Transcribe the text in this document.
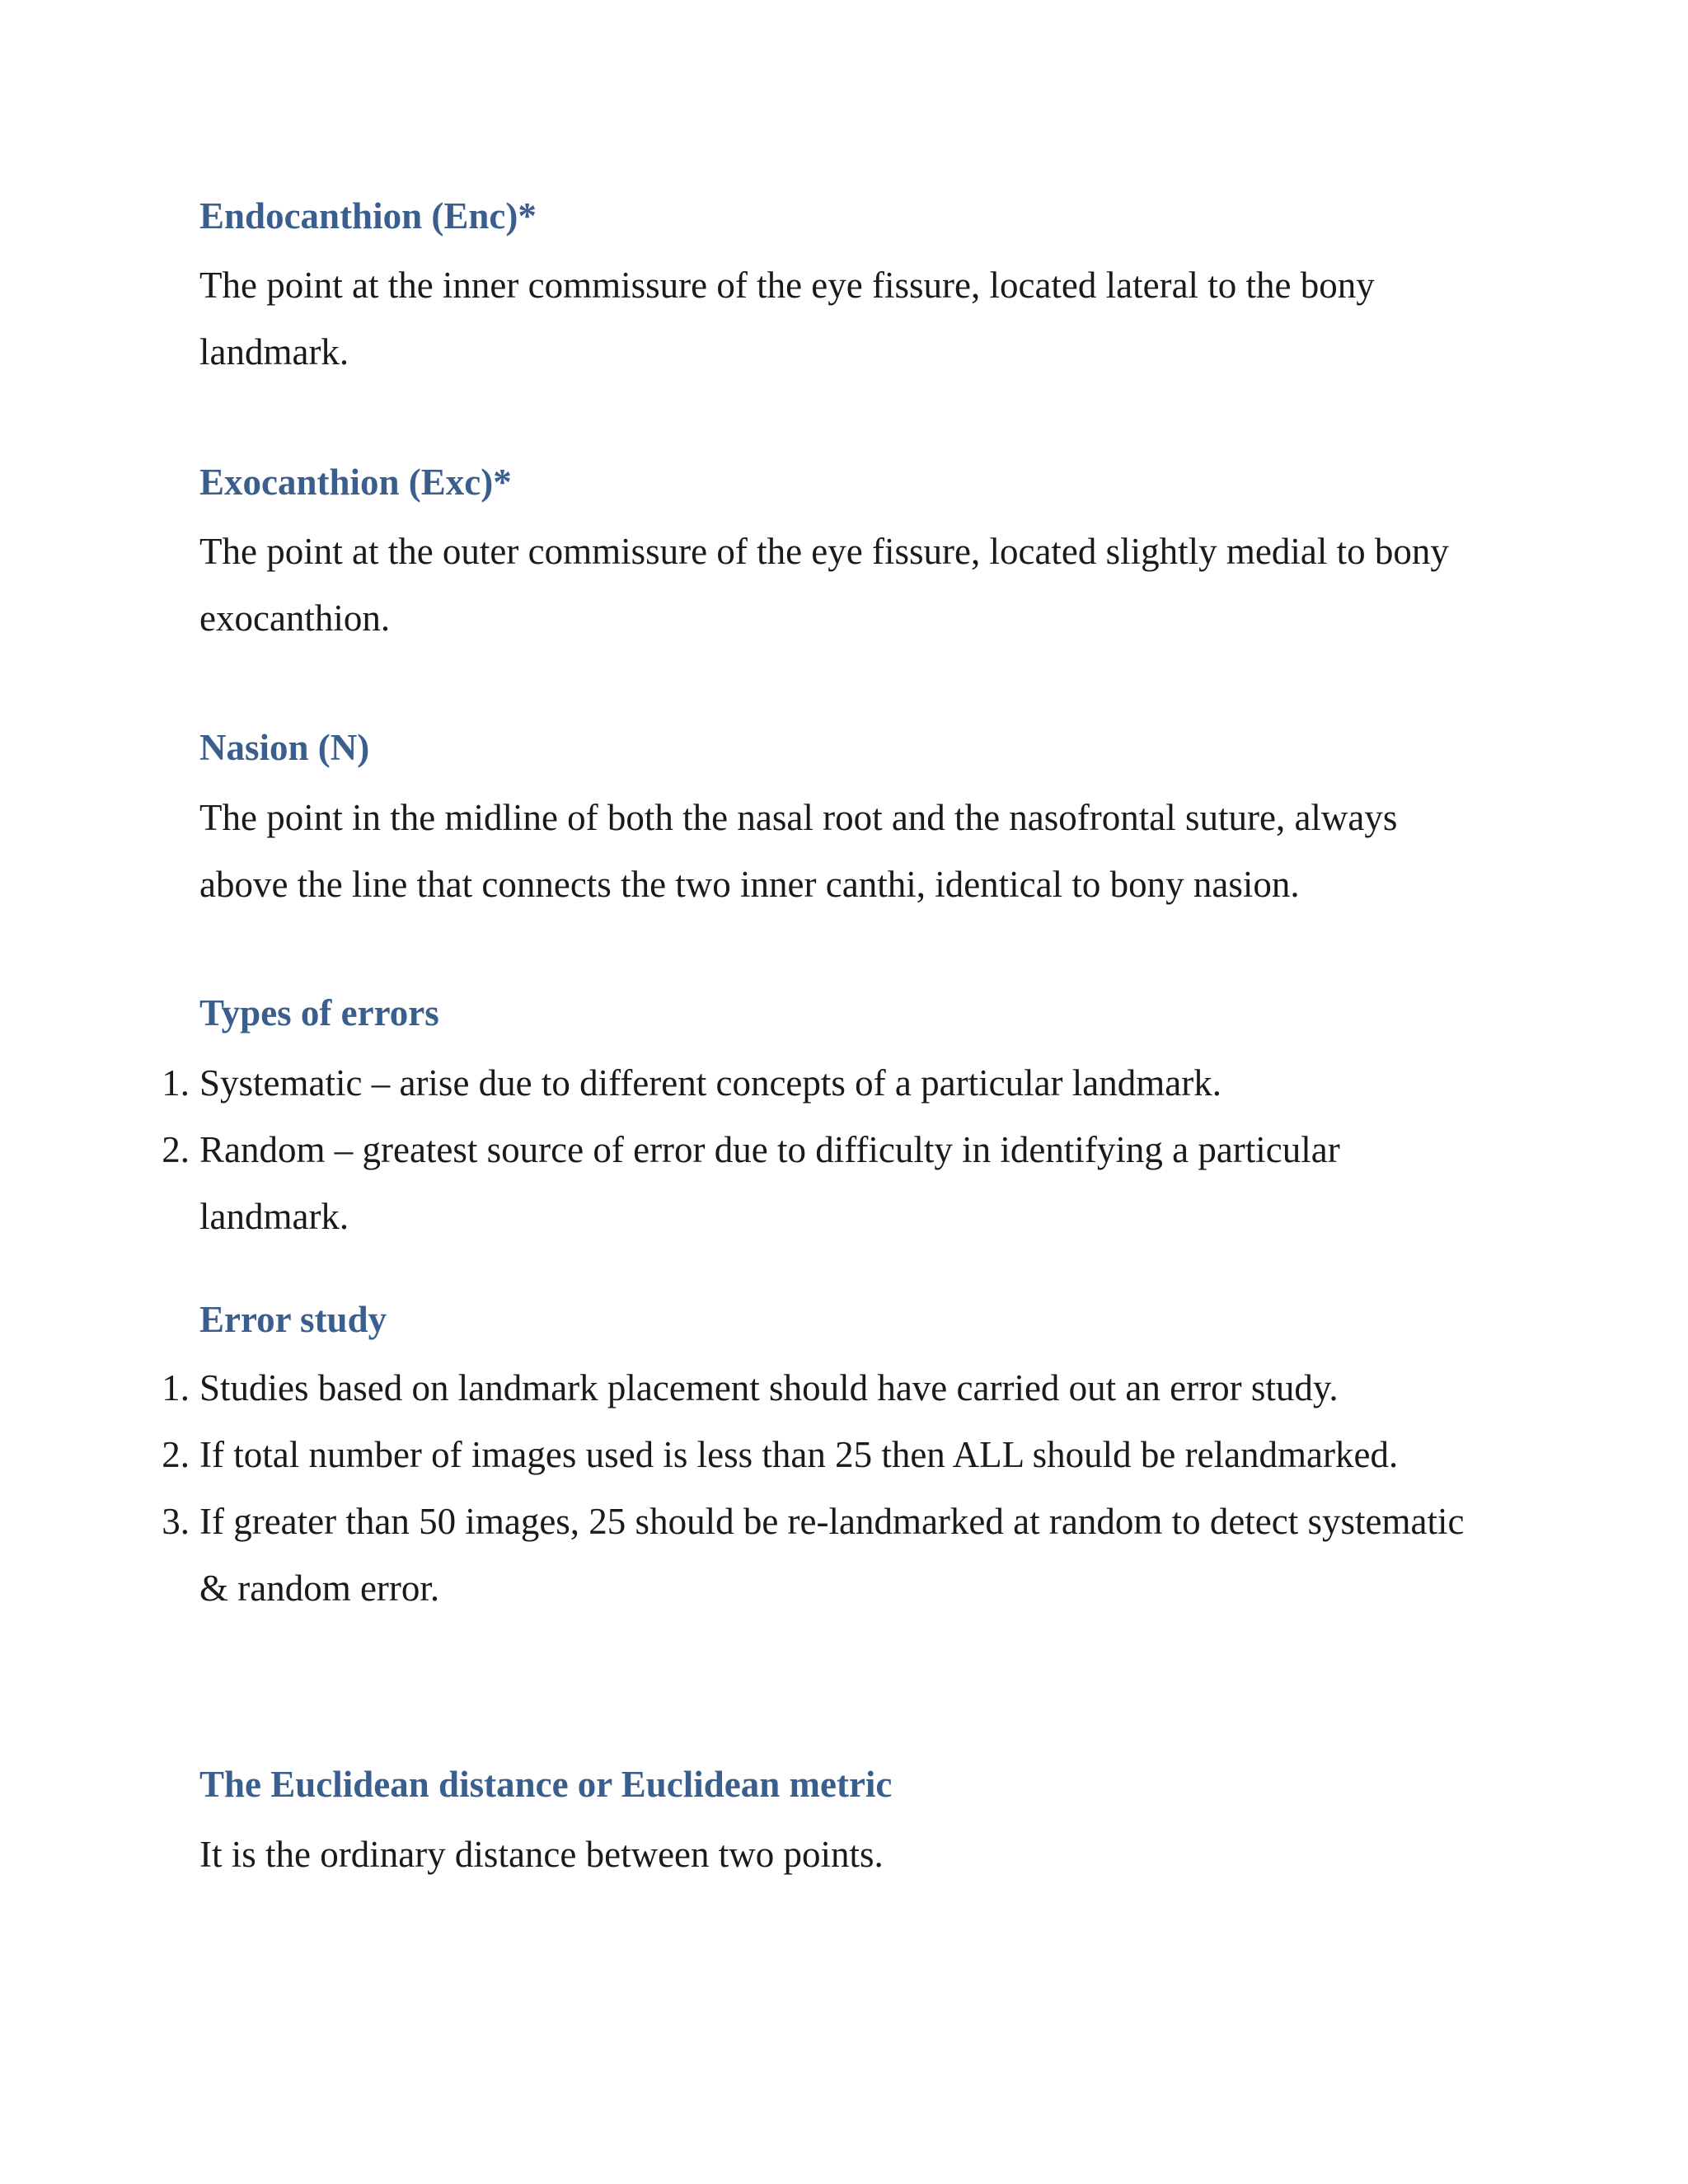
Endocanthion (Enc)*

The point at the inner commissure of the eye fissure, located lateral to the bony landmark.

Exocanthion (Exc)*

The point at the outer commissure of the eye fissure, located slightly medial to bony exocanthion.

Nasion (N)

The point in the midline of both the nasal root and the nasofrontal suture, always above the line that connects the two inner canthi, identical to bony nasion.

Types of errors
1. Systematic – arise due to different concepts of a particular landmark.
2. Random – greatest source of error due to difficulty in identifying a particular landmark.
Error study
1. Studies based on landmark placement should have carried out an error study.
2. If total number of images used is less than 25 then ALL should be relandmarked.
3. If greater than 50 images, 25 should be re-landmarked at random to detect systematic & random error.
The Euclidean distance or Euclidean metric

It is the ordinary distance between two points.
